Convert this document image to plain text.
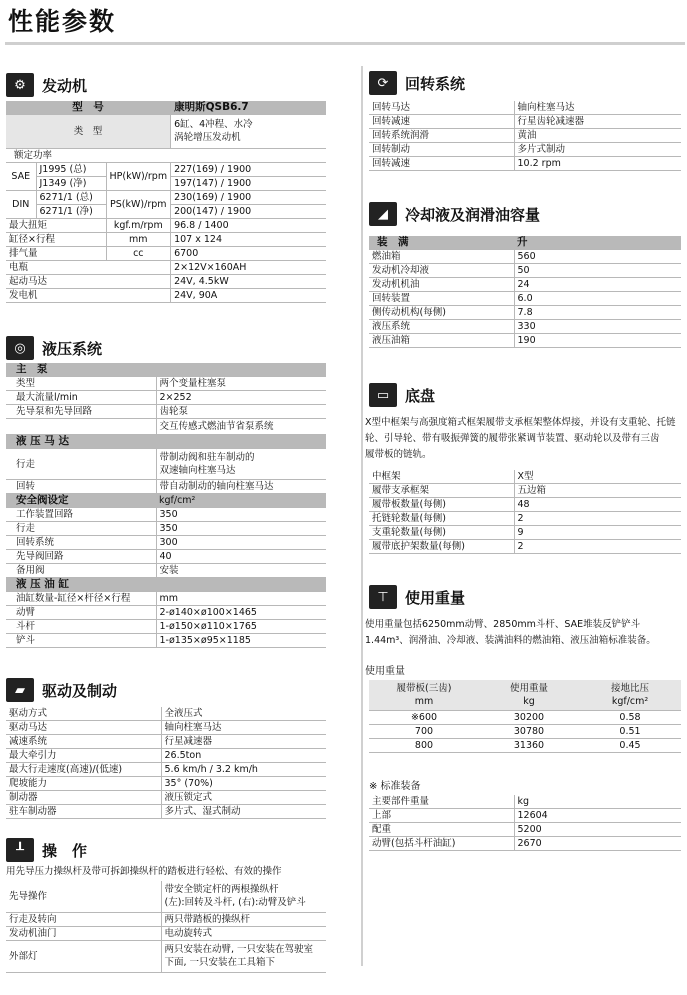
性能参数
⚙	发动机
型　号			康明斯QSB6.7
类　型			6缸、4冲程、水冷
			涡轮增压发动机
额定功率			
SAE	J1995 (总)	HP(kW)/rpm	227(169) / 1900
	J1349 (净)		197(147) / 1900
DIN	6271/1 (总)	PS(kW)/rpm	230(169) / 1900
	6271/1 (净)		200(147) / 1900
最大扭矩		kgf.m/rpm	96.8 / 1400
缸径×行程		mm	107 x 124
排气量		cc	6700
电瓶			2×12V×160AH
起动马达			24V, 4.5kW
发电机			24V, 90A
◎	液压系统
主　泵	
类型	两个变量柱塞泵
最大流量l/min	2×252
先导泵和先导回路	齿轮泵
	交互传感式燃油节省泵系统
液 压 马 达	
行走	带制动阀和驻车制动的
	双速轴向柱塞马达
回转	带自动制动的轴向柱塞马达
安全阀设定	kgf/cm²
工作装置回路	350
行走	350
回转系统	300
先导阀回路	40
备用阀	安装
液 压 油 缸	
油缸数量-缸径×杆径×行程	mm
动臂	2-ø140×ø100×1465
斗杆	1-ø150×ø110×1765
铲斗	1-ø135×ø95×1185
▰	驱动及制动
驱动方式	全液压式
驱动马达	轴向柱塞马达
减速系统	行星减速器
最大牵引力	26.5ton
最大行走速度(高速)/(低速)	5.6 km/h / 3.2 km/h
爬坡能力	35° (70%)
制动器	液压锁定式
驻车制动器	多片式、湿式制动
┸	操　作
用先导压力操纵杆及带可拆卸操纵杆的踏板进行轻松、有效的操作
先导操作	带安全锁定杆的两根操纵杆
	(左):回转及斗杆, (右):动臂及铲斗
行走及转向	两只带踏板的操纵杆
发动机油门	电动旋转式
外部灯	两只安装在动臂, 一只安装在驾驶室
	下面, 一只安装在工具箱下
⟳	回转系统
回转马达	轴向柱塞马达
回转减速	行星齿轮减速器
回转系统润滑	黄油
回转制动	多片式制动
回转减速	10.2 rpm
◢	冷却液及润滑油容量
装　满	升
燃油箱	560
发动机冷却液	50
发动机机油	24
回转装置	6.0
侧传动机构(每侧)	7.8
液压系统	330
液压油箱	190
▭	底盘
X型中框架与高强度箱式框架履带支承框架整体焊接，并设有支重轮、托链
轮、引导轮、带有吸振弹簧的履带张紧调节装置、驱动轮以及带有三齿
履带板的链轨。
中框架	X型
履带支承框架	五边箱
履带板数量(每侧)	48
托链轮数量(每侧)	2
支重轮数量(每侧)	9
履带底护架数量(每侧)	2
⊤	使用重量
使用重量包括6250mm动臂、2850mm斗杆、SAE堆装反铲铲斗
1.44m³、润滑油、冷却液、装满油料的燃油箱、液压油箱标准装备。
使用重量
履带板(三齿)	使用重量	接地比压
mm	kg	kgf/cm²
※600	30200	0.58
700	30780	0.51
800	31360	0.45
※ 标准装备
主要部件重量	kg
上部	12604
配重	5200
动臂(包括斗杆油缸)	2670
